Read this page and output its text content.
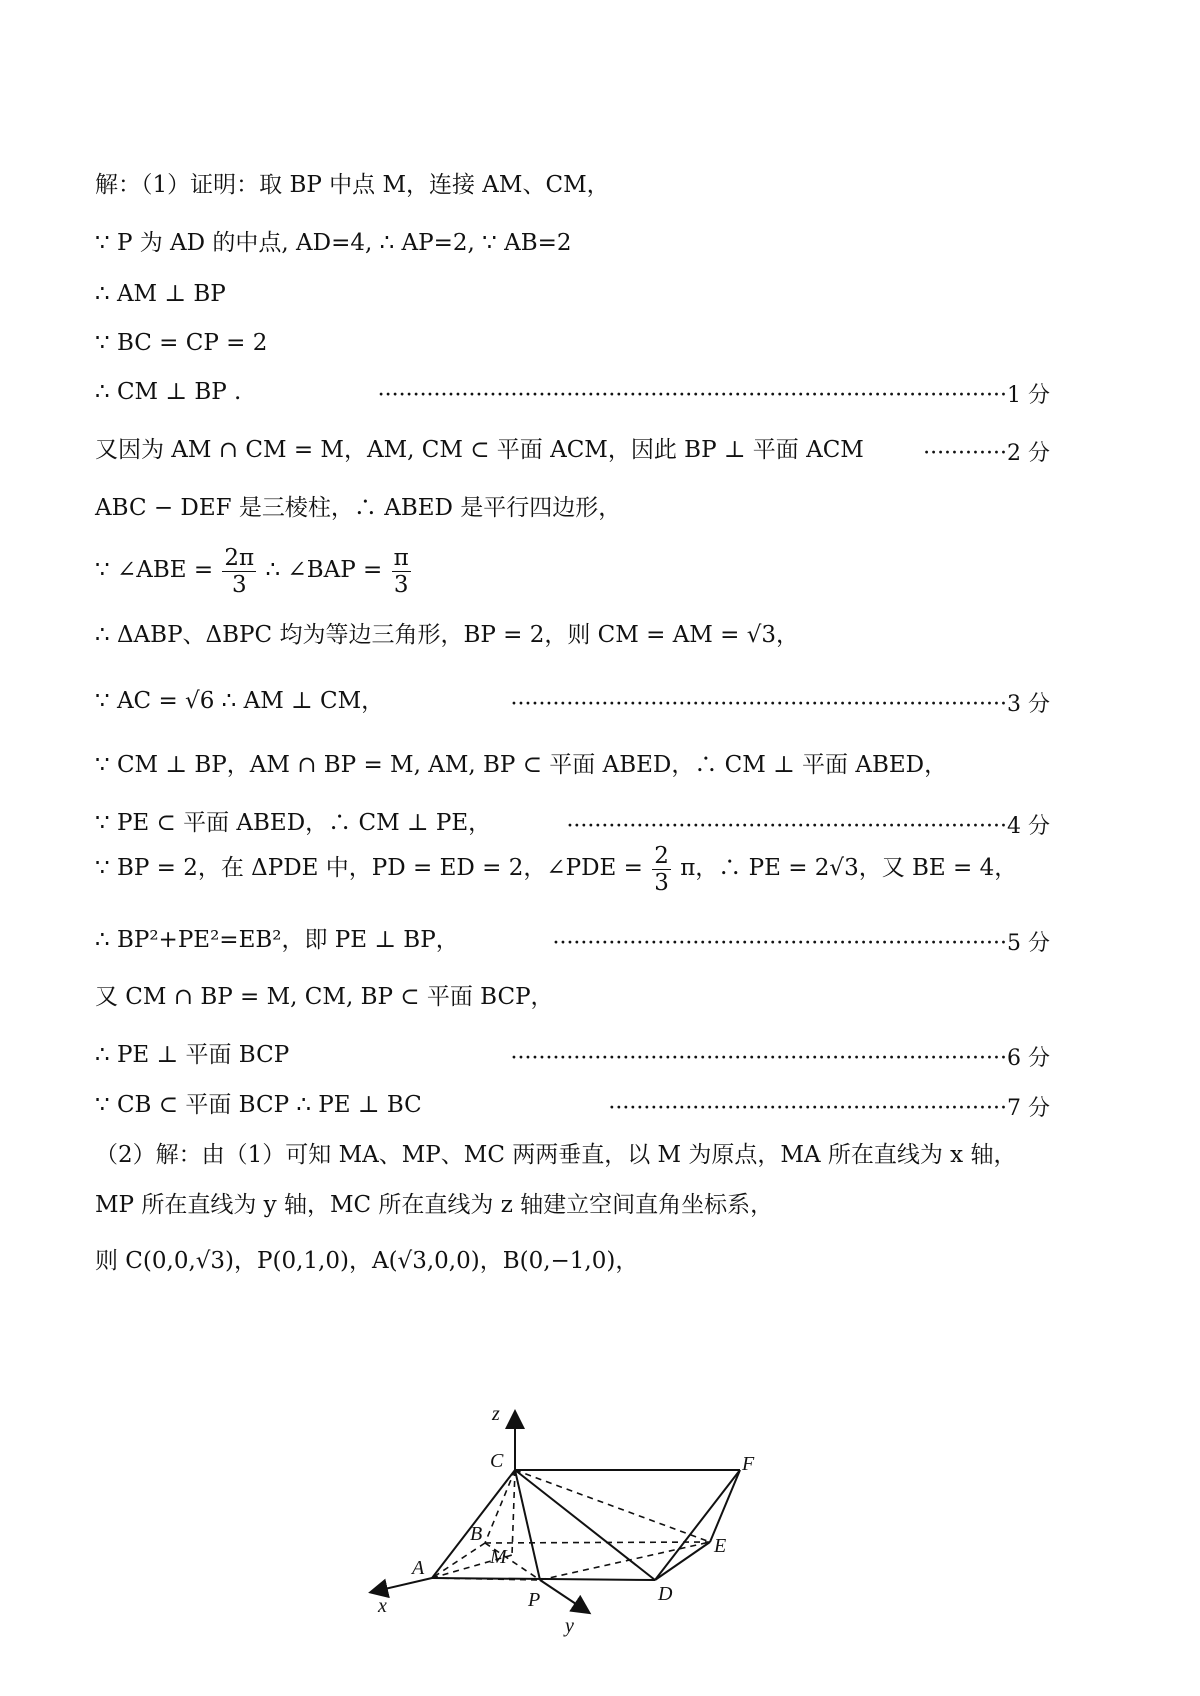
解：（1）证明：取 BP 中点 M，连接 AM、CM，
∵ P 为 AD 的中点, AD=4, ∴ AP=2, ∵ AB=2
∴ AM ⊥ BP
∵ BC = CP = 2
∴ CM ⊥ BP .	··························································································1 分
又因为 AM ∩ CM = M，AM, CM ⊂ 平面 ACM，因此 BP ⊥ 平面 ACM	············2 分
ABC − DEF 是三棱柱，∴ ABED 是平行四边形，
∵ ∠ABE = $\frac{2\pi}{3}$ ∴ ∠BAP = $\frac{\pi}{3}$
∴ ΔABP、ΔBPC 均为等边三角形，BP = 2，则 CM = AM = √3，
∵ AC = √6 ∴ AM ⊥ CM，	·······································································3 分
∵ CM ⊥ BP，AM ∩ BP = M, AM, BP ⊂ 平面 ABED，∴ CM ⊥ 平面 ABED，
∵ PE ⊂ 平面 ABED，∴ CM ⊥ PE，	·······························································4 分
∵ BP = 2，在 ΔPDE 中，PD = ED = 2，∠PDE = $\frac{2}{3}$ π，∴ PE = 2√3，又 BE = 4，
∴ BP²+PE²=EB²，即 PE ⊥ BP，	·································································5 分
又 CM ∩ BP = M, CM, BP ⊂ 平面 BCP，
∴ PE ⊥ 平面 BCP	·······································································6 分
∵ CB ⊂ 平面 BCP ∴ PE ⊥ BC	·························································7 分
（2）解：由（1）可知 MA、MP、MC 两两垂直，以 M 为原点，MA 所在直线为 x 轴，
MP 所在直线为 y 轴，MC 所在直线为 z 轴建立空间直角坐标系，
则 C(0,0,√3)，P(0,1,0)，A(√3,0,0)，B(0,−1,0)，
z
C	F
B
M	E
A
P	D
x
y
